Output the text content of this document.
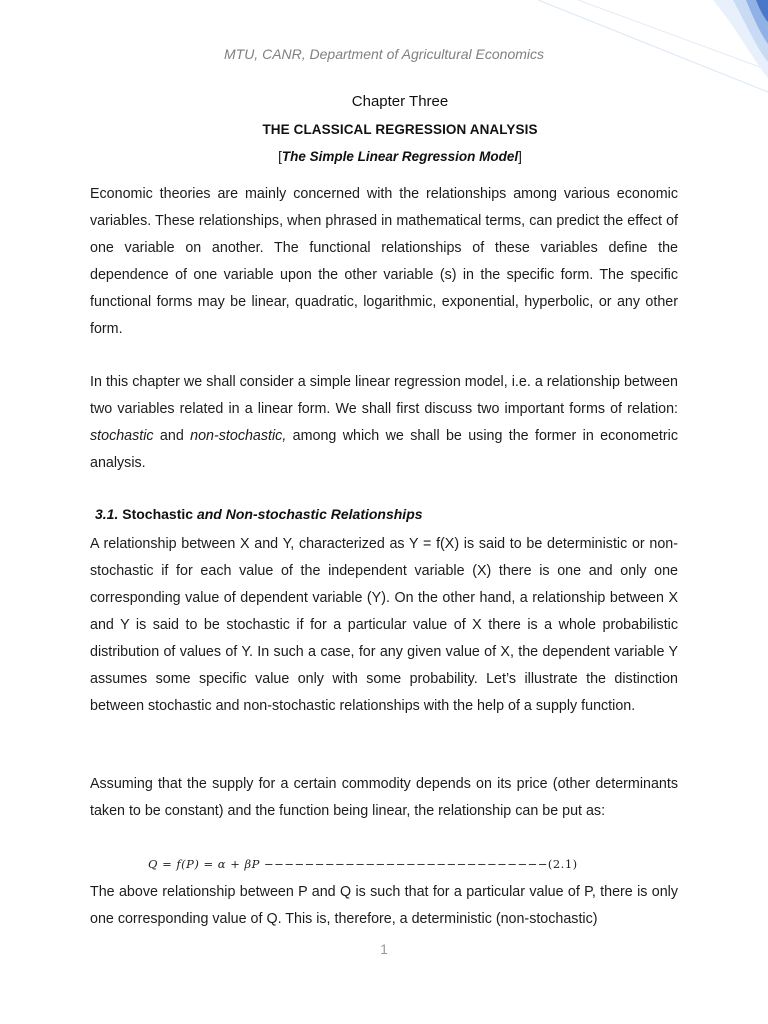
MTU, CANR, Department of Agricultural Economics
Chapter Three
THE CLASSICAL REGRESSION ANALYSIS
[The Simple Linear Regression Model]
Economic theories are mainly concerned with the relationships among various economic variables. These relationships, when phrased in mathematical terms, can predict the effect of one variable on another. The functional relationships of these variables define the dependence of one variable upon the other variable (s) in the specific form. The specific functional forms may be linear, quadratic, logarithmic, exponential, hyperbolic, or any other form.
In this chapter we shall consider a simple linear regression model, i.e. a relationship between two variables related in a linear form. We shall first discuss two important forms of relation: stochastic and non-stochastic, among which we shall be using the former in econometric analysis.
3.1. Stochastic and Non-stochastic Relationships
A relationship between X and Y, characterized as Y = f(X) is said to be deterministic or non-stochastic if for each value of the independent variable (X) there is one and only one corresponding value of dependent variable (Y). On the other hand, a relationship between X and Y is said to be stochastic if for a particular value of X there is a whole probabilistic distribution of values of Y. In such a case, for any given value of X, the dependent variable Y assumes some specific value only with some probability. Let’s illustrate the distinction between stochastic and non-stochastic relationships with the help of a supply function.
Assuming that the supply for a certain commodity depends on its price (other determinants taken to be constant) and the function being linear, the relationship can be put as:
Q = f(P) = α + βP −−−−−−−−−−−−−−−−−−−−−−−−−−−−(2.1)
The above relationship between P and Q is such that for a particular value of P, there is only one corresponding value of Q. This is, therefore, a deterministic (non-stochastic)
1
